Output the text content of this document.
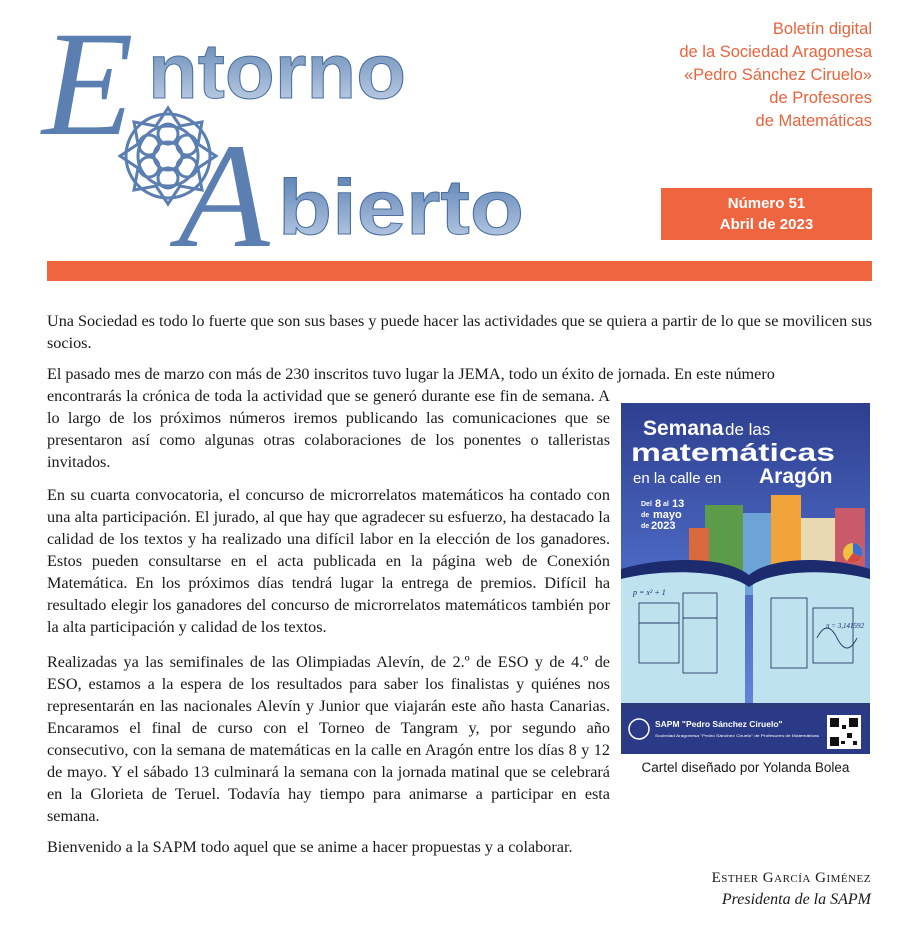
E ntorno
A bierto
Boletín digital
de la Sociedad Aragonesa
«Pedro Sánchez Ciruelo»
de Profesores
de Matemáticas
Número 51
Abril de 2023

Una Sociedad es todo lo fuerte que son sus bases y puede hacer las actividades que se quiera a partir de lo que se movilicen sus socios.

El pasado mes de marzo con más de 230 inscritos tuvo lugar la JEMA, todo un éxito de jornada. En este número

encontrarás la crónica de toda la actividad que se generó durante ese fin de semana. A lo largo de los próximos números iremos publicando las comunicaciones que se presentaron así como algunas otras colaboraciones de los ponentes o talleristas invitados.

En su cuarta convocatoria, el concurso de microrrelatos matemáticos ha contado con una alta participación. El jurado, al que hay que agradecer su esfuerzo, ha destacado la calidad de los textos y ha realizado una difícil labor en la elección de los ganadores. Estos pueden consultarse en el acta publicada en la página web de Conexión Matemática. En los próximos días tendrá lugar la entrega de premios. Difícil ha resultado elegir los ganadores del concurso de microrrelatos matemáticos también por la alta participación y calidad de los textos.

Realizadas ya las semifinales de las Olimpiadas Alevín, de 2.º de ESO y de 4.º de ESO, estamos a la espera de los resultados para saber los finalistas y quiénes nos representarán en las nacionales Alevín y Junior que viajarán este año hasta Canarias. Encaramos el final de curso con el Torneo de Tangram y, por segundo año consecutivo, con la semana de matemáticas en la calle en Aragón entre los días 8 y 12 de mayo. Y el sábado 13 culminará la semana con la jornada matinal que se celebrará en la Glorieta de Teruel. Todavía hay tiempo para animarse a participar en esta semana.

Bienvenido a la SAPM todo aquel que se anime a hacer propuestas y a colaborar.

Semana de las
matemáticas
en la calle en Aragón
Del 8 al 13
de mayo
de 2023
p = x² + 1
π = 3,141592
SAPM "Pedro Sánchez Ciruelo"
Sociedad Aragonesa "Pedro Sánchez Ciruelo" de Profesores de Matemáticas
Cartel diseñado por Yolanda Bolea
Esther García Giménez
Presidenta de la SAPM
